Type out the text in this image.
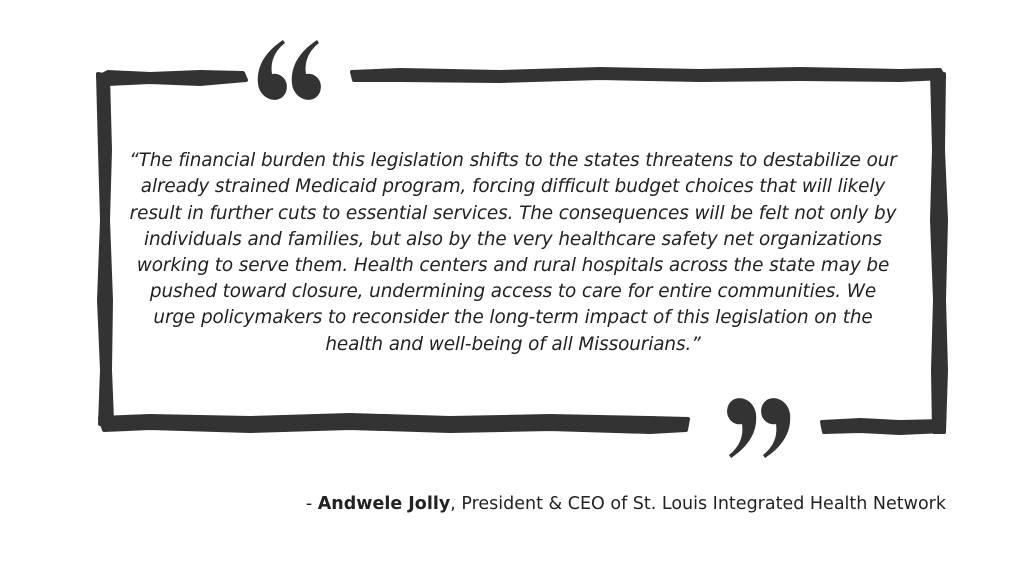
“The financial burden this legislation shifts to the states threatens to destabilize our already strained Medicaid program, forcing difficult budget choices that will likely result in further cuts to essential services. The consequences will be felt not only by individuals and families, but also by the very healthcare safety net organizations working to serve them. Health centers and rural hospitals across the state may be pushed toward closure, undermining access to care for entire communities. We urge policymakers to reconsider the long-term impact of this legislation on the health and well-being of all Missourians.”

- Andwele Jolly, President & CEO of St. Louis Integrated Health Network
